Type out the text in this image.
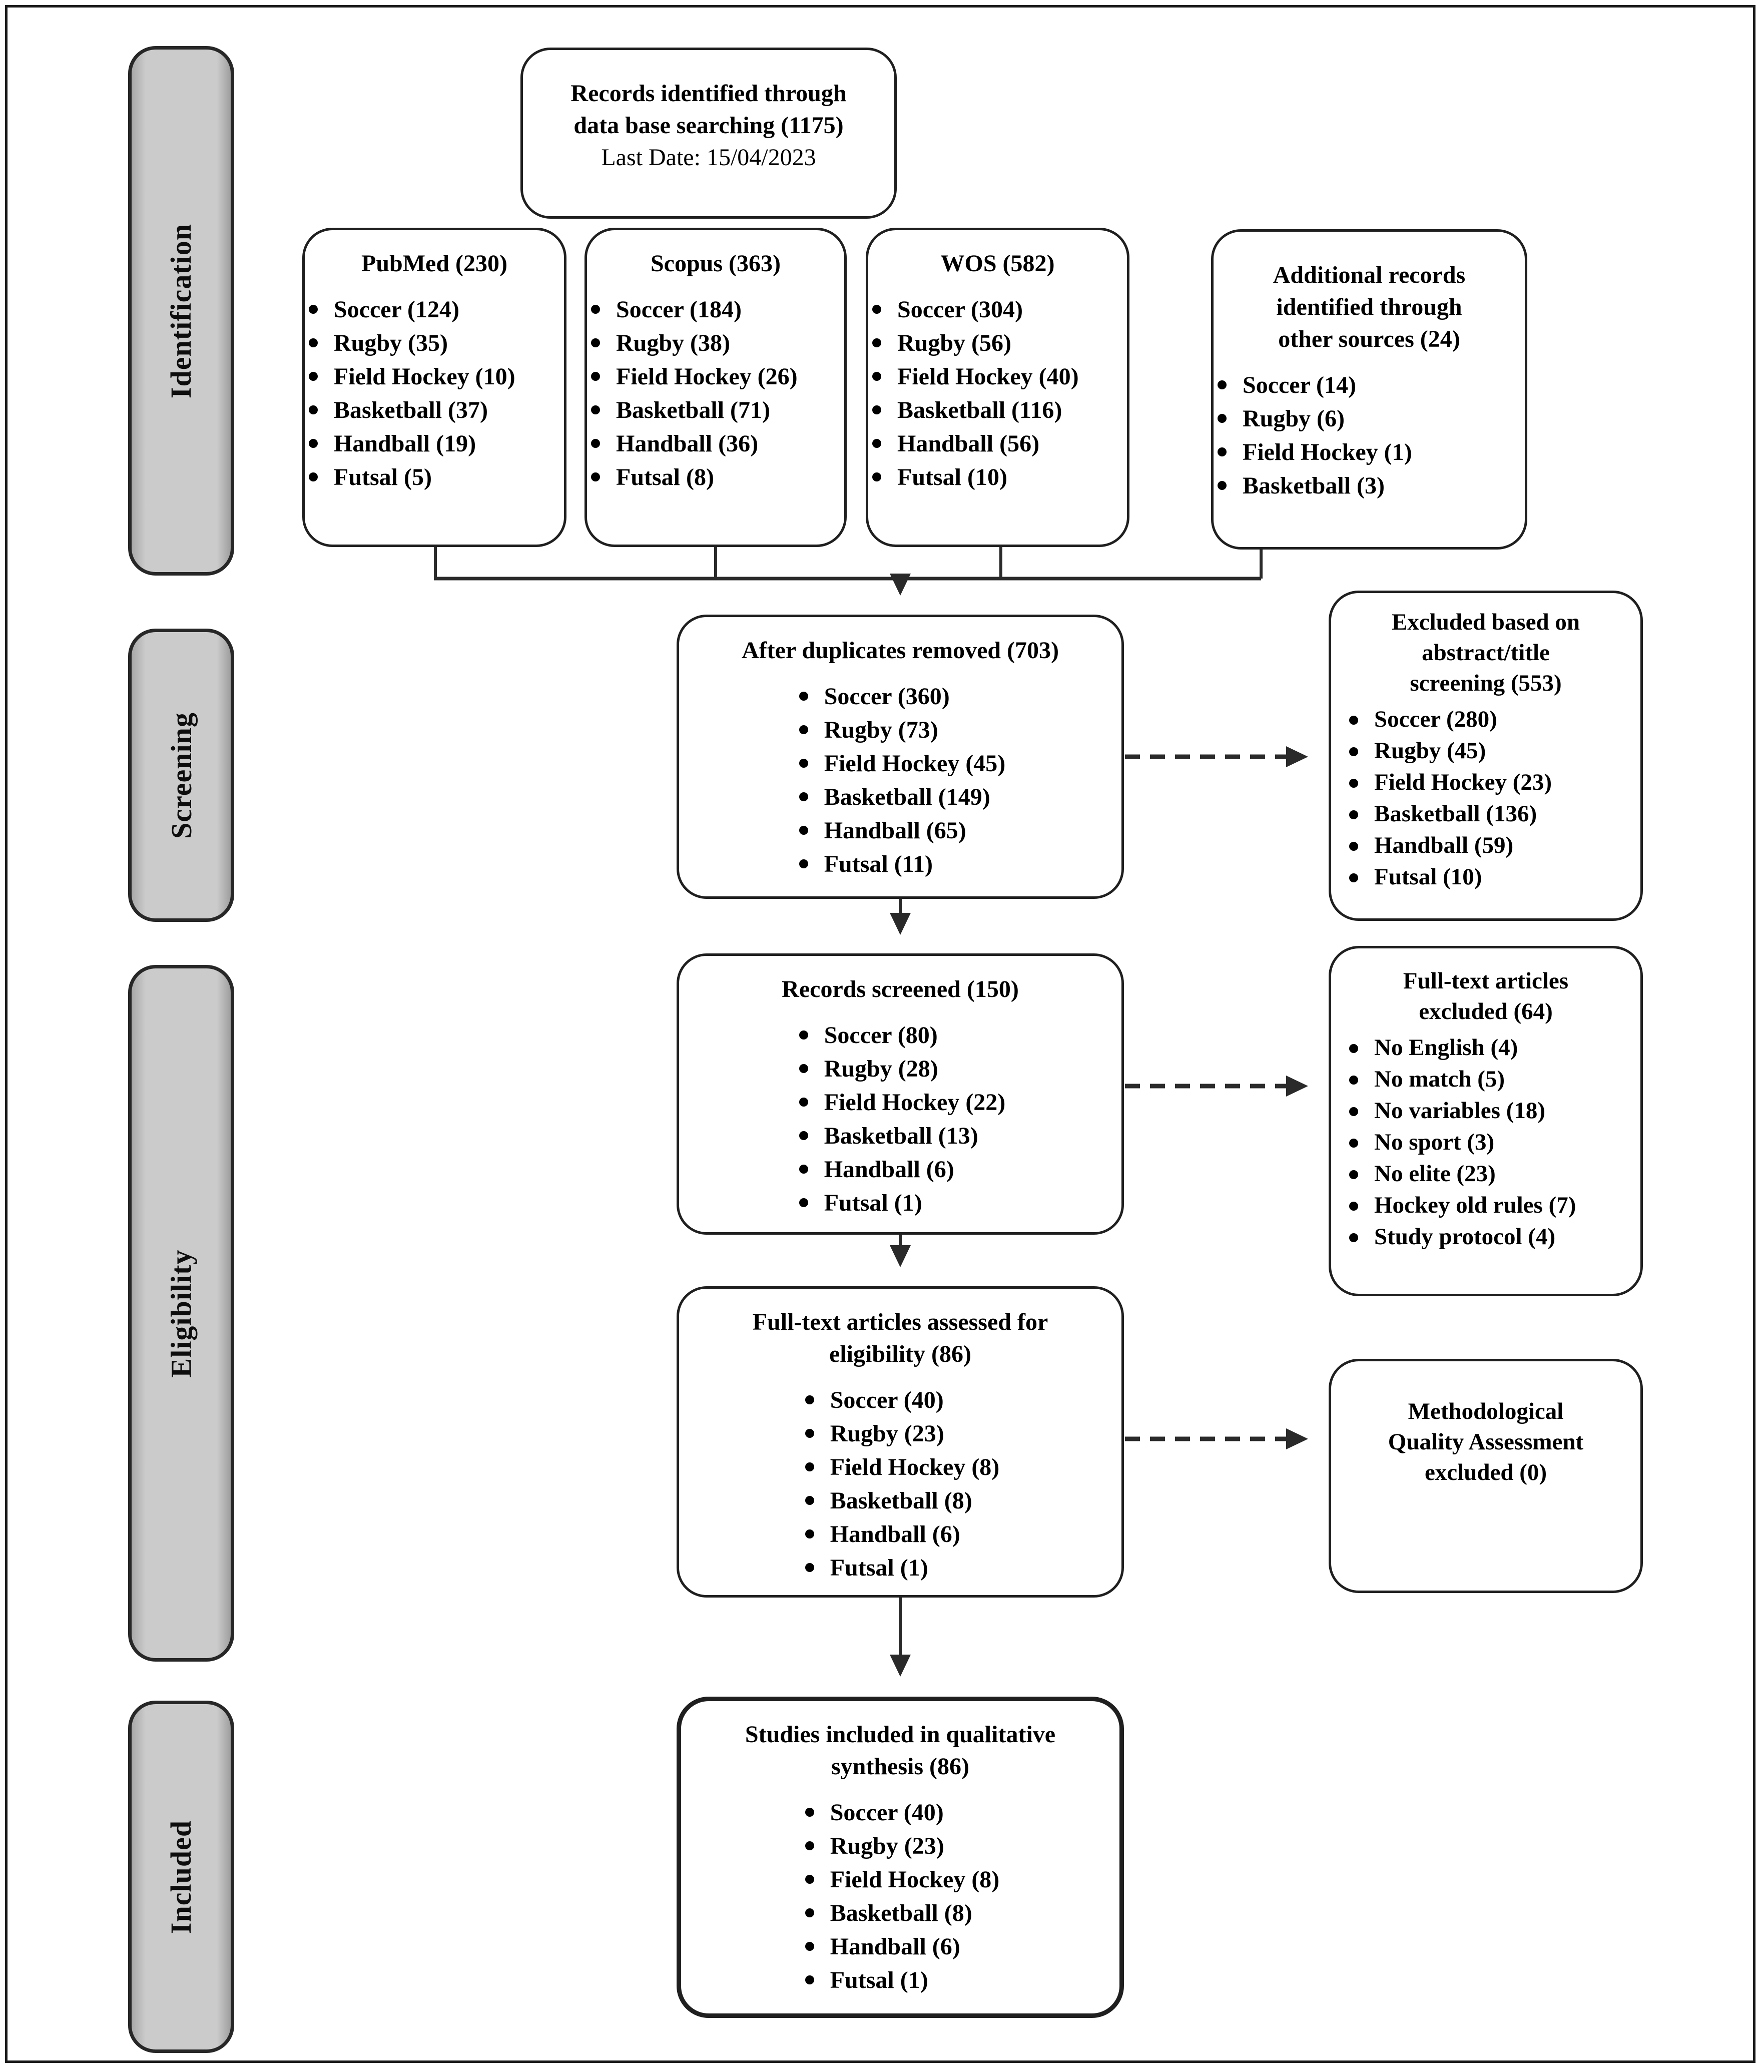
Identification
Screening
Eligibility
Included
Records identified through
data base searching (1175)
Last Date: 15/04/2023
PubMed (230)
Soccer (124)
Rugby (35)
Field Hockey (10)
Basketball (37)
Handball (19)
Futsal (5)
Scopus (363)
Soccer (184)
Rugby (38)
Field Hockey (26)
Basketball (71)
Handball (36)
Futsal (8)
WOS (582)
Soccer (304)
Rugby (56)
Field Hockey (40)
Basketball (116)
Handball (56)
Futsal (10)
Additional records
identified through
other sources (24)
Soccer (14)
Rugby (6)
Field Hockey (1)
Basketball (3)
After duplicates removed (703)
Soccer (360)
Rugby (73)
Field Hockey (45)
Basketball (149)
Handball (65)
Futsal (11)
Excluded based on
abstract/title
screening (553)
Soccer (280)
Rugby (45)
Field Hockey (23)
Basketball (136)
Handball (59)
Futsal (10)
Records screened (150)
Soccer (80)
Rugby (28)
Field Hockey (22)
Basketball (13)
Handball (6)
Futsal (1)
Full-text articles
excluded (64)
No English (4)
No match (5)
No variables (18)
No sport (3)
No elite (23)
Hockey old rules (7)
Study protocol (4)
Full-text articles assessed for
eligibility (86)
Soccer (40)
Rugby (23)
Field Hockey (8)
Basketball (8)
Handball (6)
Futsal (1)
Methodological
Quality Assessment
excluded (0)
Studies included in qualitative
synthesis (86)
Soccer (40)
Rugby (23)
Field Hockey (8)
Basketball (8)
Handball (6)
Futsal (1)
